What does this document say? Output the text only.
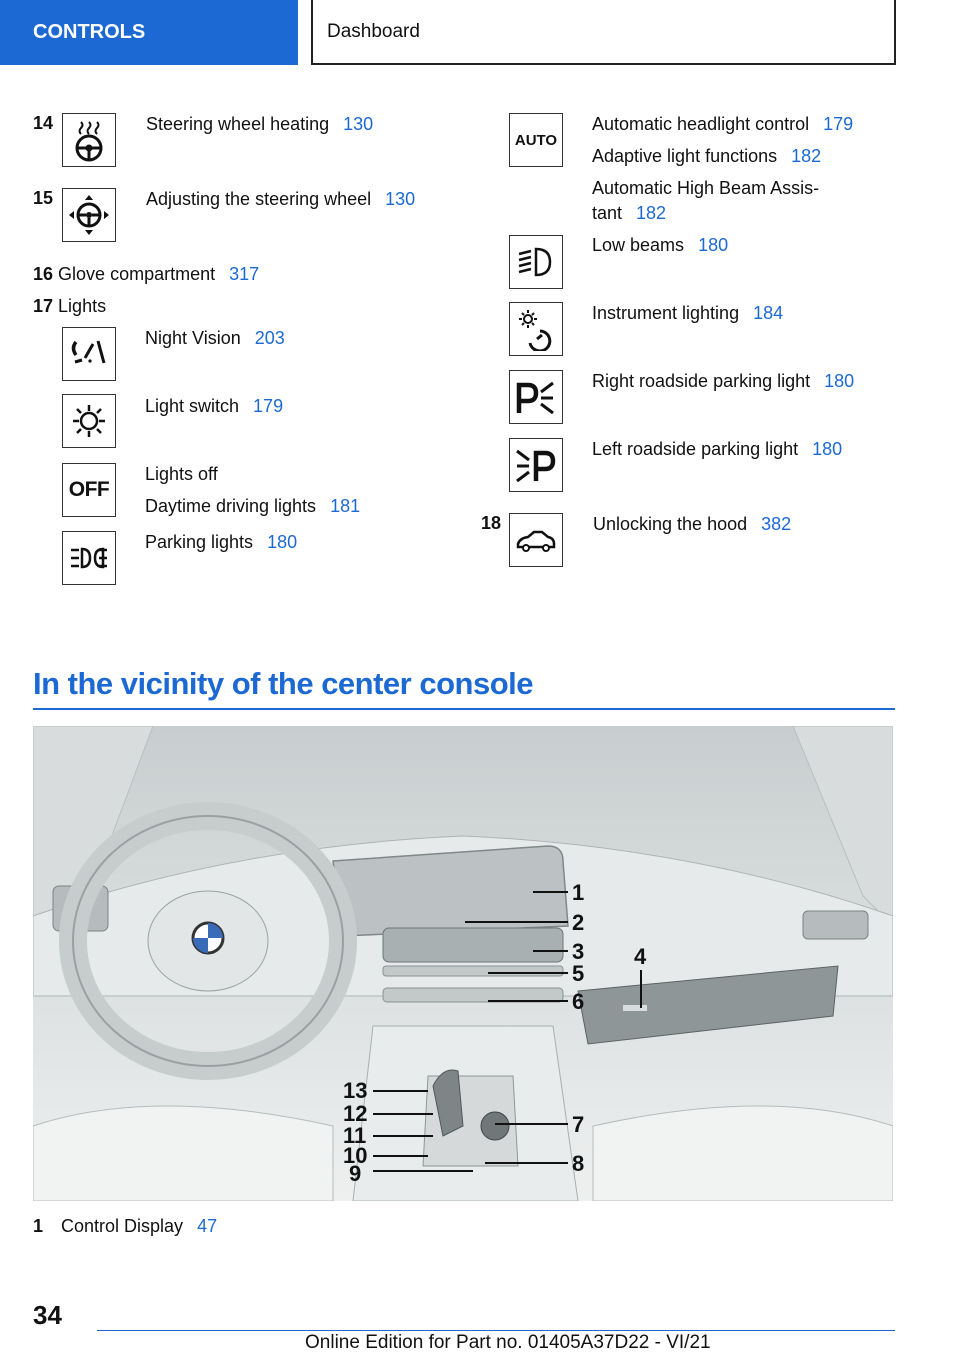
CONTROLS	Dashboard
14	Steering wheel heating 130
15	Adjusting the steering wheel 130
16 Glove compartment 317
17 Lights
Night Vision 203
Light switch 179
OFF
Lights off
Daytime driving lights 181
Parking lights 180
AUTO
Automatic headlight control 179
Adaptive light functions 182
Automatic High Beam Assis-
tant 182
Low beams 180
Instrument lighting 184
Right roadside parking light 180
Left roadside parking light 180
18	Unlocking the hood 382
In the vicinity of the center console
1
2
3
5
6
4
13
12
11
10
9
7
8
1 Control Display 47
34
Online Edition for Part no. 01405A37D22 - VI/21
